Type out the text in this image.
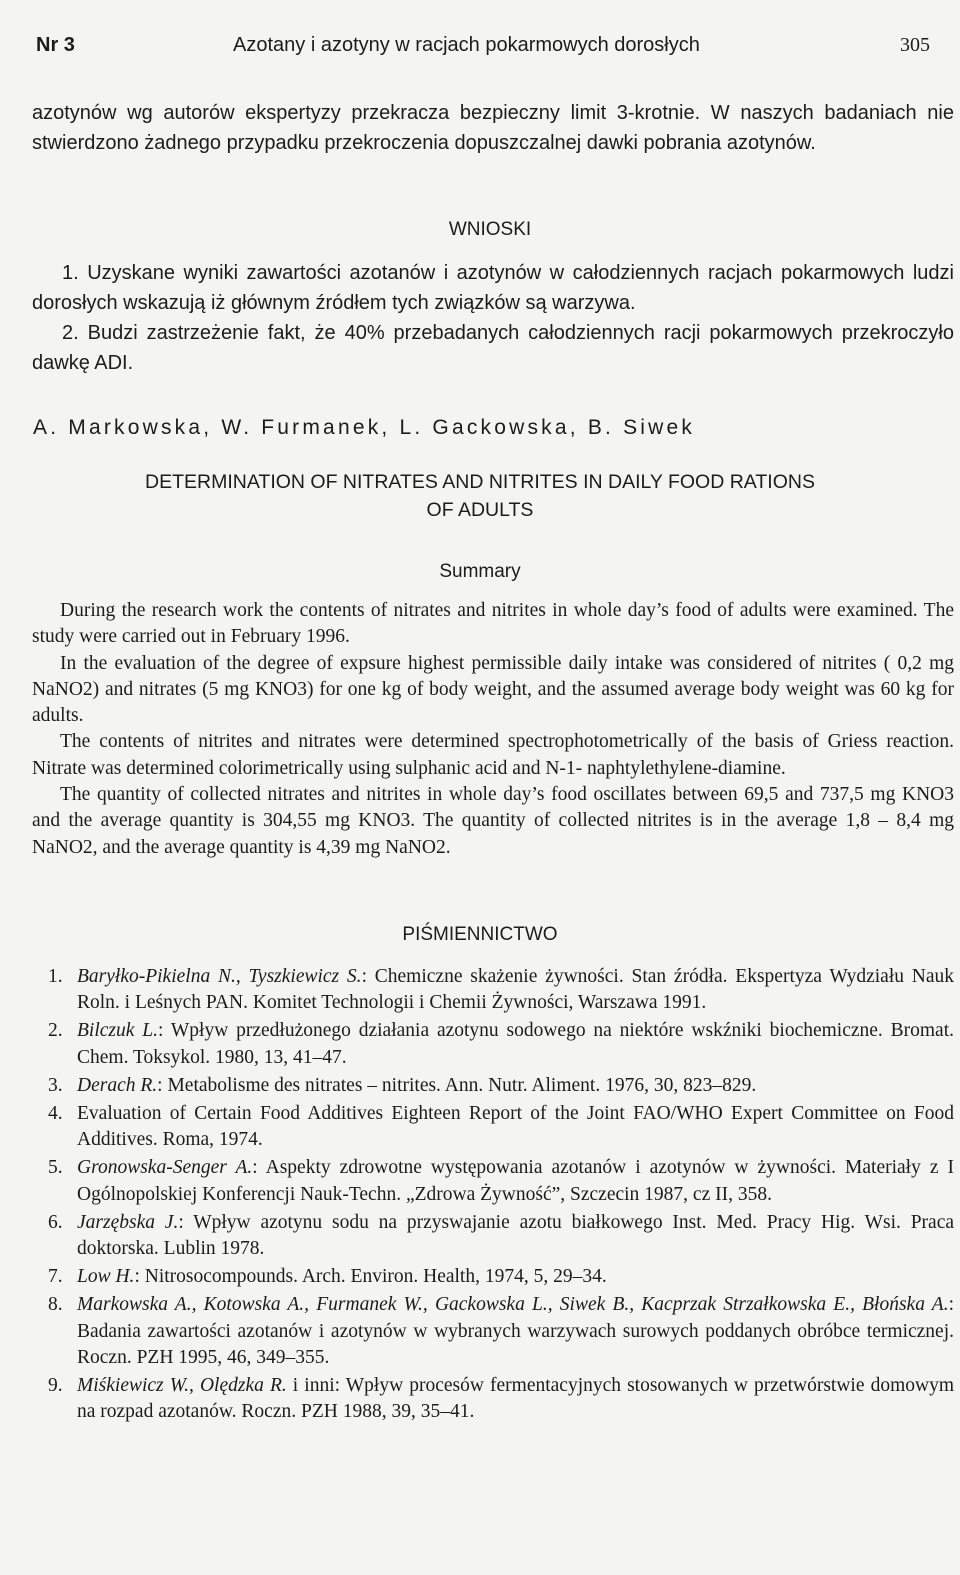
Nr 3	Azotany i azotyny w racjach pokarmowych dorosłych	305
azotynów wg autorów ekspertyzy przekracza bezpieczny limit 3-krotnie. W naszych badaniach nie stwierdzono żadnego przypadku przekroczenia dopuszczalnej dawki pobrania azotynów.
WNIOSKI

1. Uzyskane wyniki zawartości azotanów i azotynów w całodziennych racjach pokarmowych ludzi dorosłych wskazują iż głównym źródłem tych związków są warzywa.

2. Budzi zastrzeżenie fakt, że 40% przebadanych całodziennych racji pokarmowych przekroczyło dawkę ADI.

A. Markowska, W. Furmanek, L. Gackowska, B. Siwek
DETERMINATION OF NITRATES AND NITRITES IN DAILY FOOD RATIONS
OF ADULTS
Summary

During the research work the contents of nitrates and nitrites in whole day’s food of adults were examined. The study were carried out in February 1996.

In the evaluation of the degree of expsure highest permissible daily intake was considered of nitrites ( 0,2 mg NaNO2) and nitrates (5 mg KNO3) for one kg of body weight, and the assumed average body weight was 60 kg for adults.

The contents of nitrites and nitrates were determined spectrophotometrically of the basis of Griess reaction. Nitrate was determined colorimetrically using sulphanic acid and N-1- naphtylethylene-diamine.

The quantity of collected nitrates and nitrites in whole day’s food oscillates between 69,5 and 737,5 mg KNO3 and the average quantity is 304,55 mg KNO3. The quantity of collected nitrites is in the average 1,8 – 8,4 mg NaNO2, and the average quantity is 4,39 mg NaNO2.

PIŚMIENNICTWO
1. Baryłko-Pikielna N., Tyszkiewicz S.: Chemiczne skażenie żywności. Stan źródła. Ekspertyza Wydziału Nauk Roln. i Leśnych PAN. Komitet Technologii i Chemii Żywności, Warszawa 1991.
2. Bilczuk L.: Wpływ przedłużonego działania azotynu sodowego na niektóre wskźniki biochemiczne. Bromat. Chem. Toksykol. 1980, 13, 41–47.
3. Derach R.: Metabolisme des nitrates – nitrites. Ann. Nutr. Aliment. 1976, 30, 823–829.
4. Evaluation of Certain Food Additives Eighteen Report of the Joint FAO/WHO Expert Committee on Food Additives. Roma, 1974.
5. Gronowska-Senger A.: Aspekty zdrowotne występowania azotanów i azotynów w żywności. Materiały z I Ogólnopolskiej Konferencji Nauk-Techn. „Zdrowa Żywność”, Szczecin 1987, cz II, 358.
6. Jarzębska J.: Wpływ azotynu sodu na przyswajanie azotu białkowego Inst. Med. Pracy Hig. Wsi. Praca doktorska. Lublin 1978.
7. Low H.: Nitrosocompounds. Arch. Environ. Health, 1974, 5, 29–34.
8. Markowska A., Kotowska A., Furmanek W., Gackowska L., Siwek B., Kacprzak Strzałkowska E., Błońska A.: Badania zawartości azotanów i azotynów w wybranych warzywach surowych poddanych obróbce termicznej. Roczn. PZH 1995, 46, 349–355.
9. Miśkiewicz W., Olędzka R. i inni: Wpływ procesów fermentacyjnych stosowanych w przetwórstwie domowym na rozpad azotanów. Roczn. PZH 1988, 39, 35–41.
